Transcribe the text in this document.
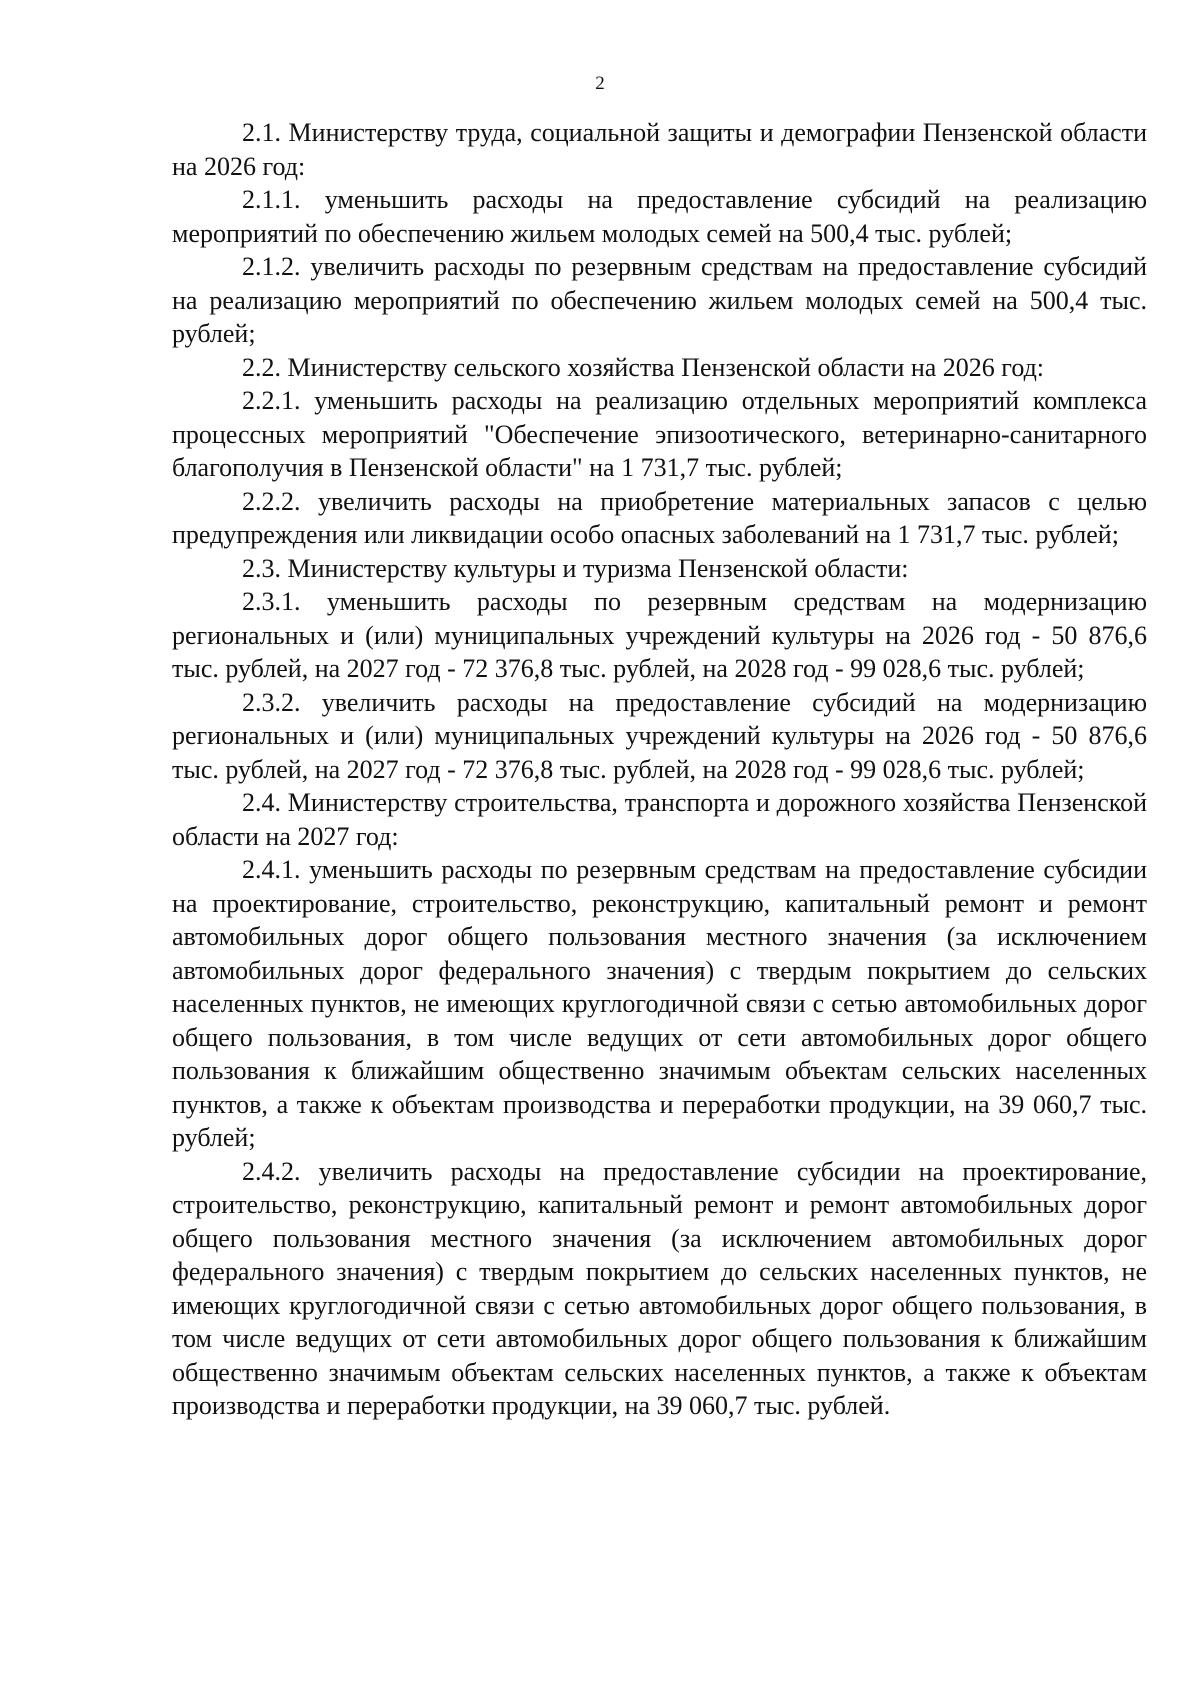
2

2.1. Министерству труда, социальной защиты и демографии Пензенской области на 2026 год:

2.1.1. уменьшить расходы на предоставление субсидий на реализацию мероприятий по обеспечению жильем молодых семей на 500,4 тыс. рублей;

2.1.2. увеличить расходы по резервным средствам на предоставление субсидий на реализацию мероприятий по обеспечению жильем молодых семей на 500,4 тыс. рублей;

2.2. Министерству сельского хозяйства Пензенской области на 2026 год:

2.2.1. уменьшить расходы на реализацию отдельных мероприятий комплекса процессных мероприятий "Обеспечение эпизоотического, ветеринарно-санитарного благополучия в Пензенской области" на 1 731,7 тыс. рублей;

2.2.2. увеличить расходы на приобретение материальных запасов с целью предупреждения или ликвидации особо опасных заболеваний на 1 731,7 тыс. рублей;

2.3. Министерству культуры и туризма Пензенской области:

2.3.1. уменьшить расходы по резервным средствам на модернизацию региональных и (или) муниципальных учреждений культуры на 2026 год - 50 876,6 тыс. рублей, на 2027 год - 72 376,8 тыс. рублей, на 2028 год - 99 028,6 тыс. рублей;

2.3.2. увеличить расходы на предоставление субсидий на модернизацию региональных и (или) муниципальных учреждений культуры на 2026 год - 50 876,6 тыс. рублей, на 2027 год - 72 376,8 тыс. рублей, на 2028 год - 99 028,6 тыс. рублей;

2.4. Министерству строительства, транспорта и дорожного хозяйства Пензенской области на 2027 год:

2.4.1. уменьшить расходы по резервным средствам на предоставление субсидии на проектирование, строительство, реконструкцию, капитальный ремонт и ремонт автомобильных дорог общего пользования местного значения (за исключением автомобильных дорог федерального значения) с твердым покрытием до сельских населенных пунктов, не имеющих круглогодичной связи с сетью автомобильных дорог общего пользования, в том числе ведущих от сети автомобильных дорог общего пользования к ближайшим общественно значимым объектам сельских населенных пунктов, а также к объектам производства и переработки продукции, на 39 060,7 тыс. рублей;

2.4.2. увеличить расходы на предоставление субсидии на проектирование, строительство, реконструкцию, капитальный ремонт и ремонт автомобильных дорог общего пользования местного значения (за исключением автомобильных дорог федерального значения) с твердым покрытием до сельских населенных пунктов, не имеющих круглогодичной связи с сетью автомобильных дорог общего пользования, в том числе ведущих от сети автомобильных дорог общего пользования к ближайшим общественно значимым объектам сельских населенных пунктов, а также к объектам производства и переработки продукции, на 39 060,7 тыс. рублей.
